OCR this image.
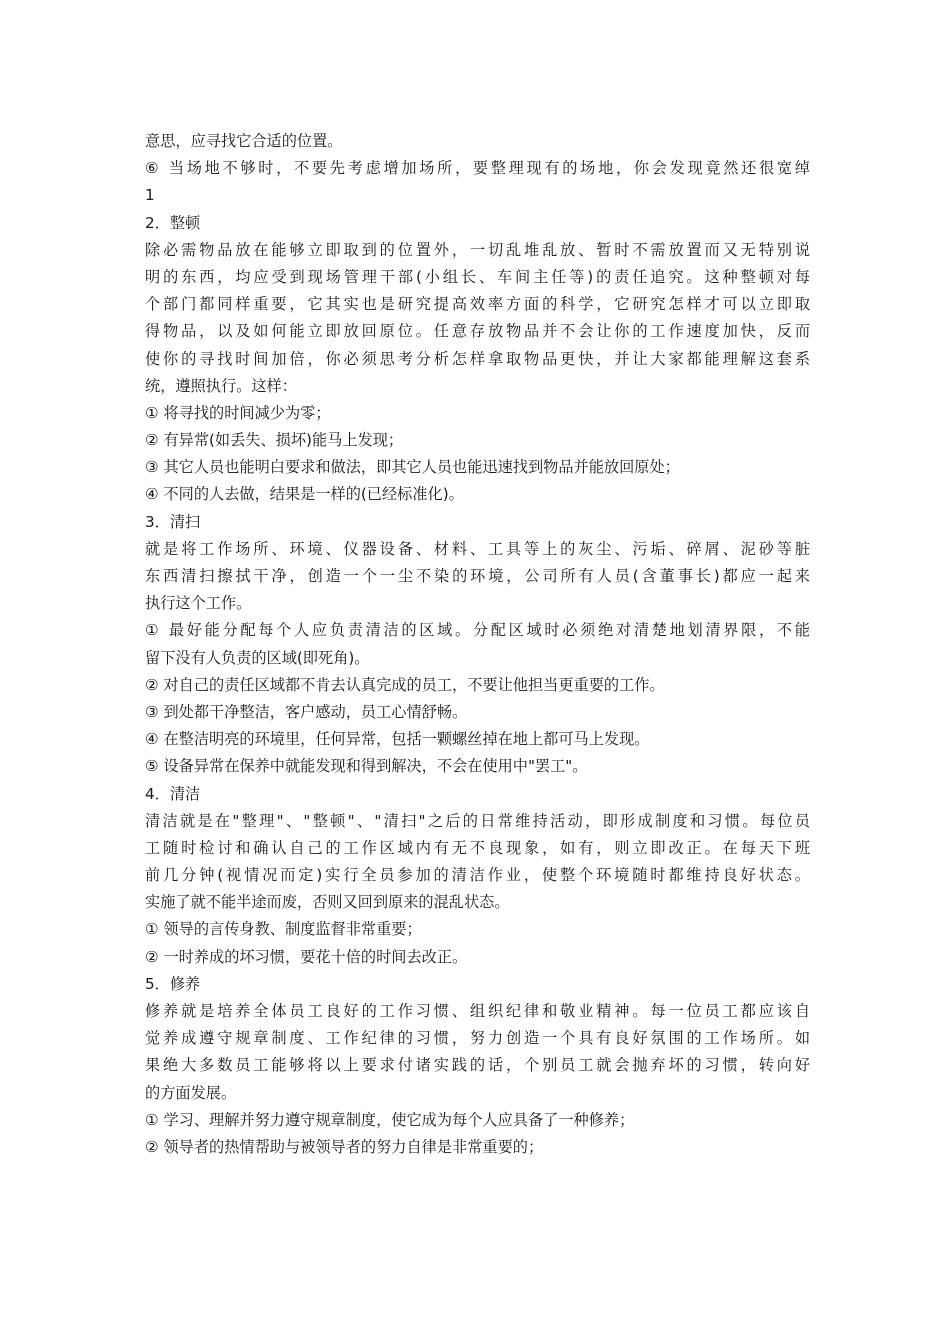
意思，应寻找它合适的位置。
⑥ 当场地不够时，不要先考虑增加场所，要整理现有的场地，你会发现竟然还很宽绰
1
2．整顿
除必需物品放在能够立即取到的位置外，一切乱堆乱放、暂时不需放置而又无特别说
明的东西，均应受到现场管理干部(小组长、车间主任等)的责任追究。这种整顿对每
个部门都同样重要，它其实也是研究提高效率方面的科学，它研究怎样才可以立即取
得物品，以及如何能立即放回原位。任意存放物品并不会让你的工作速度加快，反而
使你的寻找时间加倍，你必须思考分析怎样拿取物品更快，并让大家都能理解这套系
统，遵照执行。这样：
① 将寻找的时间减少为零；
② 有异常(如丢失、损坏)能马上发现；
③ 其它人员也能明白要求和做法，即其它人员也能迅速找到物品并能放回原处；
④ 不同的人去做，结果是一样的(已经标准化)。
3．清扫
就是将工作场所、环境、仪器设备、材料、工具等上的灰尘、污垢、碎屑、泥砂等脏
东西清扫擦拭干净，创造一个一尘不染的环境，公司所有人员(含董事长)都应一起来
执行这个工作。
① 最好能分配每个人应负责清洁的区域。分配区域时必须绝对清楚地划清界限，不能
留下没有人负责的区域(即死角)。
② 对自己的责任区域都不肯去认真完成的员工，不要让他担当更重要的工作。
③ 到处都干净整洁，客户感动，员工心情舒畅。
④ 在整洁明亮的环境里，任何异常，包括一颗螺丝掉在地上都可马上发现。
⑤ 设备异常在保养中就能发现和得到解决，不会在使用中"罢工"。
4．清洁
清洁就是在"整理"、"整顿"、"清扫"之后的日常维持活动，即形成制度和习惯。每位员
工随时检讨和确认自己的工作区域内有无不良现象，如有，则立即改正。在每天下班
前几分钟(视情况而定)实行全员参加的清洁作业，使整个环境随时都维持良好状态。
实施了就不能半途而废，否则又回到原来的混乱状态。
① 领导的言传身教、制度监督非常重要；
② 一时养成的坏习惯，要花十倍的时间去改正。
5．修养
修养就是培养全体员工良好的工作习惯、组织纪律和敬业精神。每一位员工都应该自
觉养成遵守规章制度、工作纪律的习惯，努力创造一个具有良好氛围的工作场所。如
果绝大多数员工能够将以上要求付诸实践的话，个别员工就会抛弃坏的习惯，转向好
的方面发展。
① 学习、理解并努力遵守规章制度，使它成为每个人应具备了一种修养；
② 领导者的热情帮助与被领导者的努力自律是非常重要的；
